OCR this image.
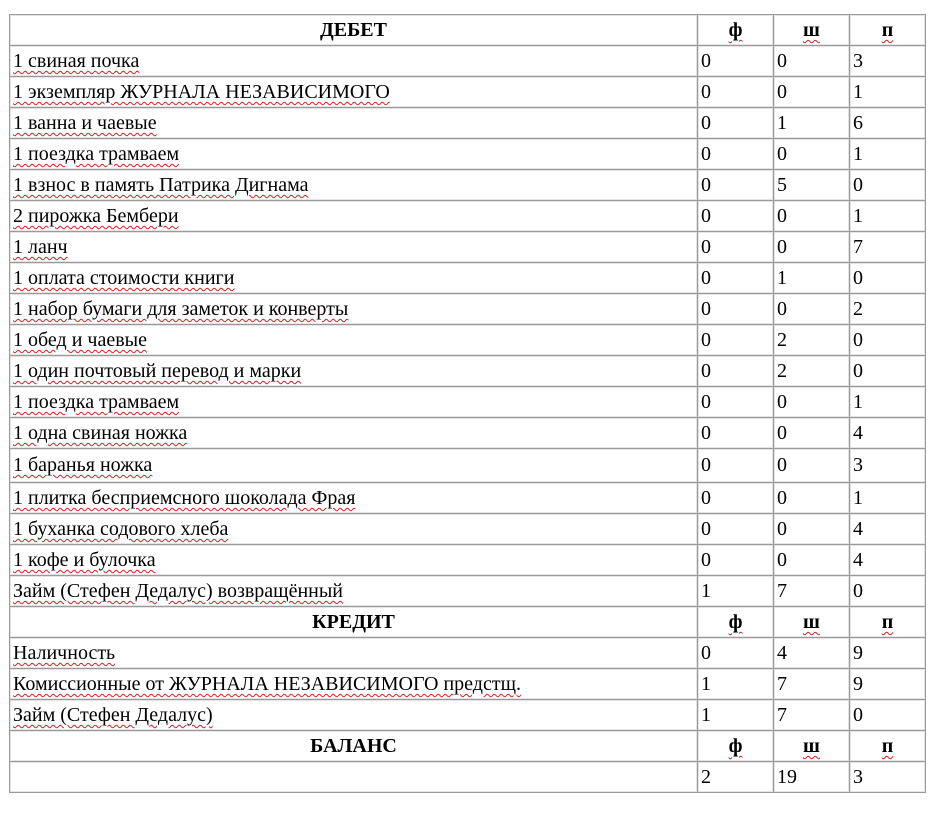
ДЕБЕТ	ф	ш	п
1 свиная почка	0	0	3
1 экземпляр ЖУРНАЛА НЕЗАВИСИМОГО	0	0	1
1 ванна и чаевые	0	1	6
1 поездка трамваем	0	0	1
1 взнос в память Патрика Дигнама	0	5	0
2 пирожка Бембери	0	0	1
1 ланч	0	0	7
1 оплата стоимости книги	0	1	0
1 набор бумаги для заметок и конверты	0	0	2
1 обед и чаевые	0	2	0
1 один почтовый перевод и марки	0	2	0
1 поездка трамваем	0	0	1
1 одна свиная ножка	0	0	4
1 баранья ножка	0	0	3
1 плитка бесприемсного шоколада Фрая	0	0	1
1 буханка содового хлеба	0	0	4
1 кофе и булочка	0	0	4
Займ (Стефен Дедалус) возвращённый	1	7	0
КРЕДИТ	ф	ш	п
Наличность	0	4	9
Комиссионные от ЖУРНАЛА НЕЗАВИСИМОГО предстщ.	1	7	9
Займ (Стефен Дедалус)	1	7	0
БАЛАНС	ф	ш	п
	2	19	3
